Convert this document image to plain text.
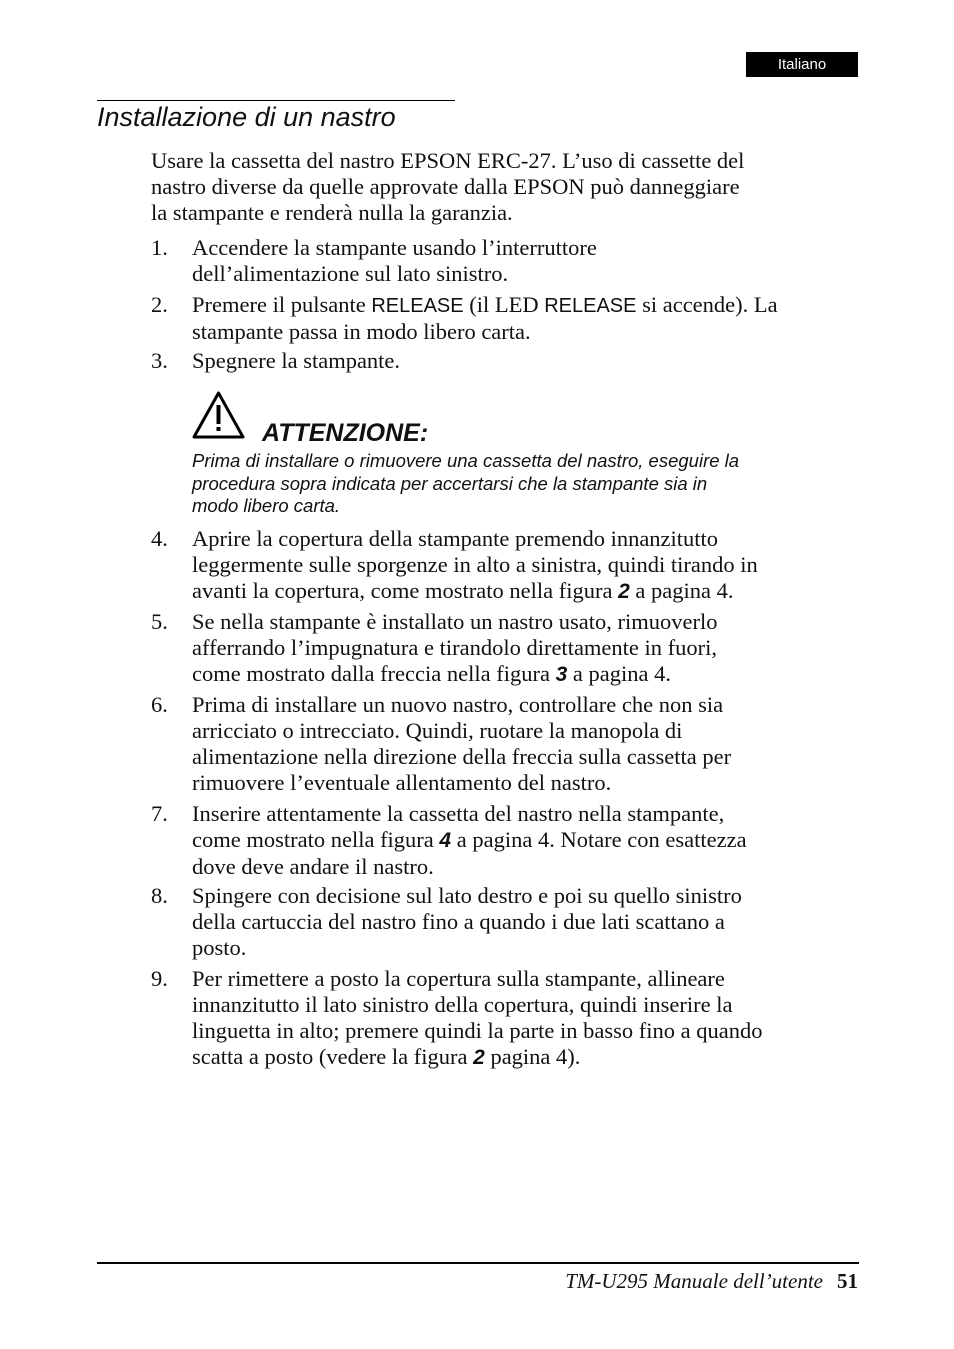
Italiano
Installazione di un nastro
Usare la cassetta del nastro EPSON ERC-27. L’uso di cassette del
nastro diverse da quelle approvate dalla EPSON può danneggiare
la stampante e renderà nulla la garanzia.
1. Accendere la stampante usando l’interruttore
dell’alimentazione sul lato sinistro.
2. Premere il pulsante RELEASE (il LED RELEASE si accende). La
stampante passa in modo libero carta.
3. Spegnere la stampante.
ATTENZIONE:
Prima di installare o rimuovere una cassetta del nastro, eseguire la
procedura sopra indicata per accertarsi che la stampante sia in
modo libero carta.
4. Aprire la copertura della stampante premendo innanzitutto
leggermente sulle sporgenze in alto a sinistra, quindi tirando in
avanti la copertura, come mostrato nella figura 2 a pagina 4.
5. Se nella stampante è installato un nastro usato, rimuoverlo
afferrando l’impugnatura e tirandolo direttamente in fuori,
come mostrato dalla freccia nella figura 3 a pagina 4.
6. Prima di installare un nuovo nastro, controllare che non sia
arricciato o intrecciato. Quindi, ruotare la manopola di
alimentazione nella direzione della freccia sulla cassetta per
rimuovere l’eventuale allentamento del nastro.
7. Inserire attentamente la cassetta del nastro nella stampante,
come mostrato nella figura 4 a pagina 4. Notare con esattezza
dove deve andare il nastro.
8. Spingere con decisione sul lato destro e poi su quello sinistro
della cartuccia del nastro fino a quando i due lati scattano a
posto.
9. Per rimettere a posto la copertura sulla stampante, allineare
innanzitutto il lato sinistro della copertura, quindi inserire la
linguetta in alto; premere quindi la parte in basso fino a quando
scatta a posto (vedere la figura 2 pagina 4).
TM-U295 Manuale dell’utente 51
